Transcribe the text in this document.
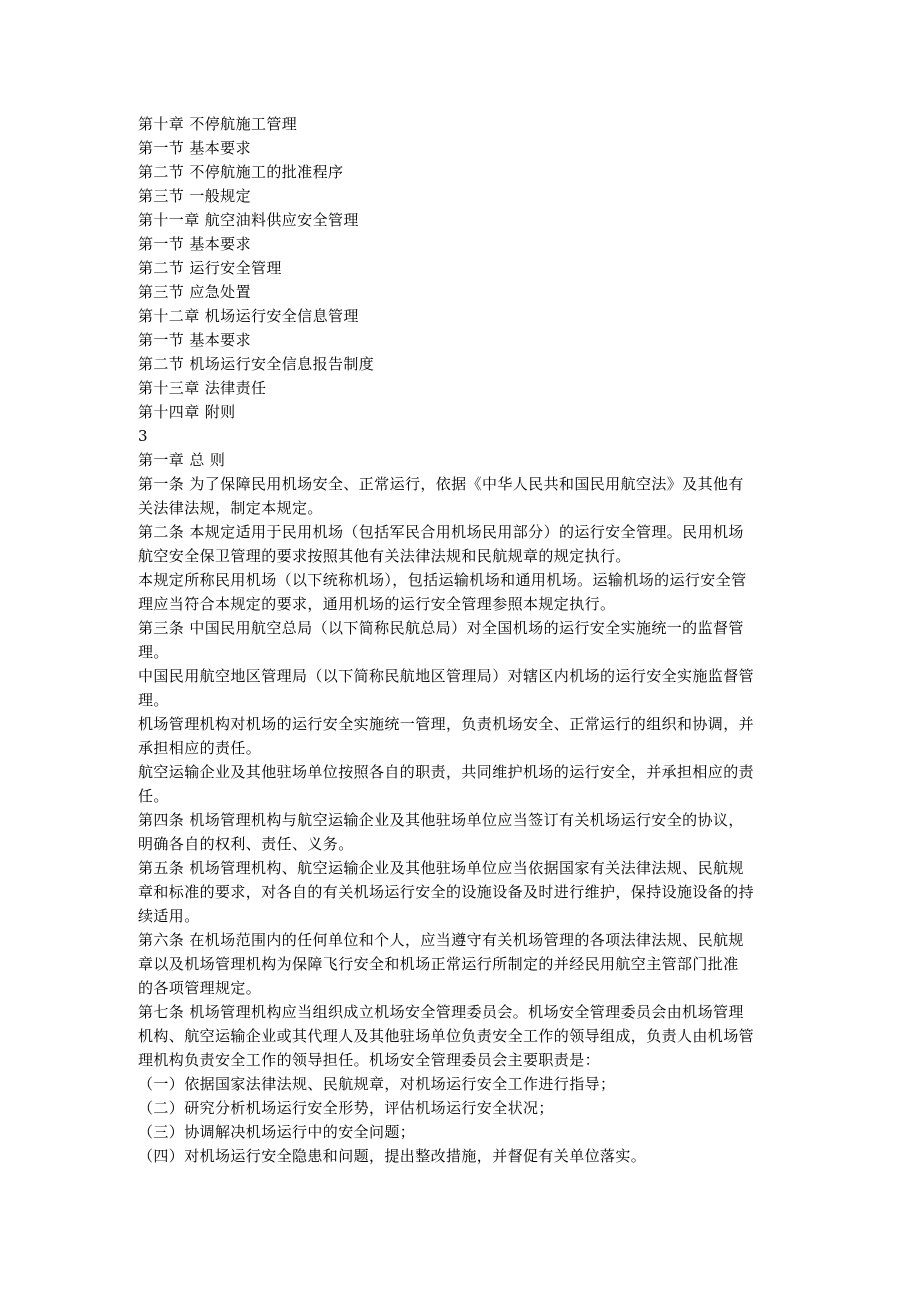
第十章 不停航施工管理
第一节 基本要求
第二节 不停航施工的批准程序
第三节 一般规定
第十一章 航空油料供应安全管理
第一节 基本要求
第二节 运行安全管理
第三节 应急处置
第十二章 机场运行安全信息管理
第一节 基本要求
第二节 机场运行安全信息报告制度
第十三章 法律责任
第十四章 附则
3
第一章 总 则
第一条 为了保障民用机场安全、正常运行，依据《中华人民共和国民用航空法》及其他有
关法律法规，制定本规定。
第二条 本规定适用于民用机场（包括军民合用机场民用部分）的运行安全管理。民用机场
航空安全保卫管理的要求按照其他有关法律法规和民航规章的规定执行。
本规定所称民用机场（以下统称机场），包括运输机场和通用机场。运输机场的运行安全管
理应当符合本规定的要求，通用机场的运行安全管理参照本规定执行。
第三条 中国民用航空总局（以下简称民航总局）对全国机场的运行安全实施统一的监督管
理。
中国民用航空地区管理局（以下简称民航地区管理局）对辖区内机场的运行安全实施监督管
理。
机场管理机构对机场的运行安全实施统一管理，负责机场安全、正常运行的组织和协调，并
承担相应的责任。
航空运输企业及其他驻场单位按照各自的职责，共同维护机场的运行安全，并承担相应的责
任。
第四条 机场管理机构与航空运输企业及其他驻场单位应当签订有关机场运行安全的协议，
明确各自的权利、责任、义务。
第五条 机场管理机构、航空运输企业及其他驻场单位应当依据国家有关法律法规、民航规
章和标准的要求，对各自的有关机场运行安全的设施设备及时进行维护，保持设施设备的持
续适用。
第六条 在机场范围内的任何单位和个人，应当遵守有关机场管理的各项法律法规、民航规
章以及机场管理机构为保障飞行安全和机场正常运行所制定的并经民用航空主管部门批准
的各项管理规定。
第七条 机场管理机构应当组织成立机场安全管理委员会。机场安全管理委员会由机场管理
机构、航空运输企业或其代理人及其他驻场单位负责安全工作的领导组成，负责人由机场管
理机构负责安全工作的领导担任。机场安全管理委员会主要职责是：
（一）依据国家法律法规、民航规章，对机场运行安全工作进行指导；
（二）研究分析机场运行安全形势，评估机场运行安全状况；
（三）协调解决机场运行中的安全问题；
（四）对机场运行安全隐患和问题，提出整改措施，并督促有关单位落实。
